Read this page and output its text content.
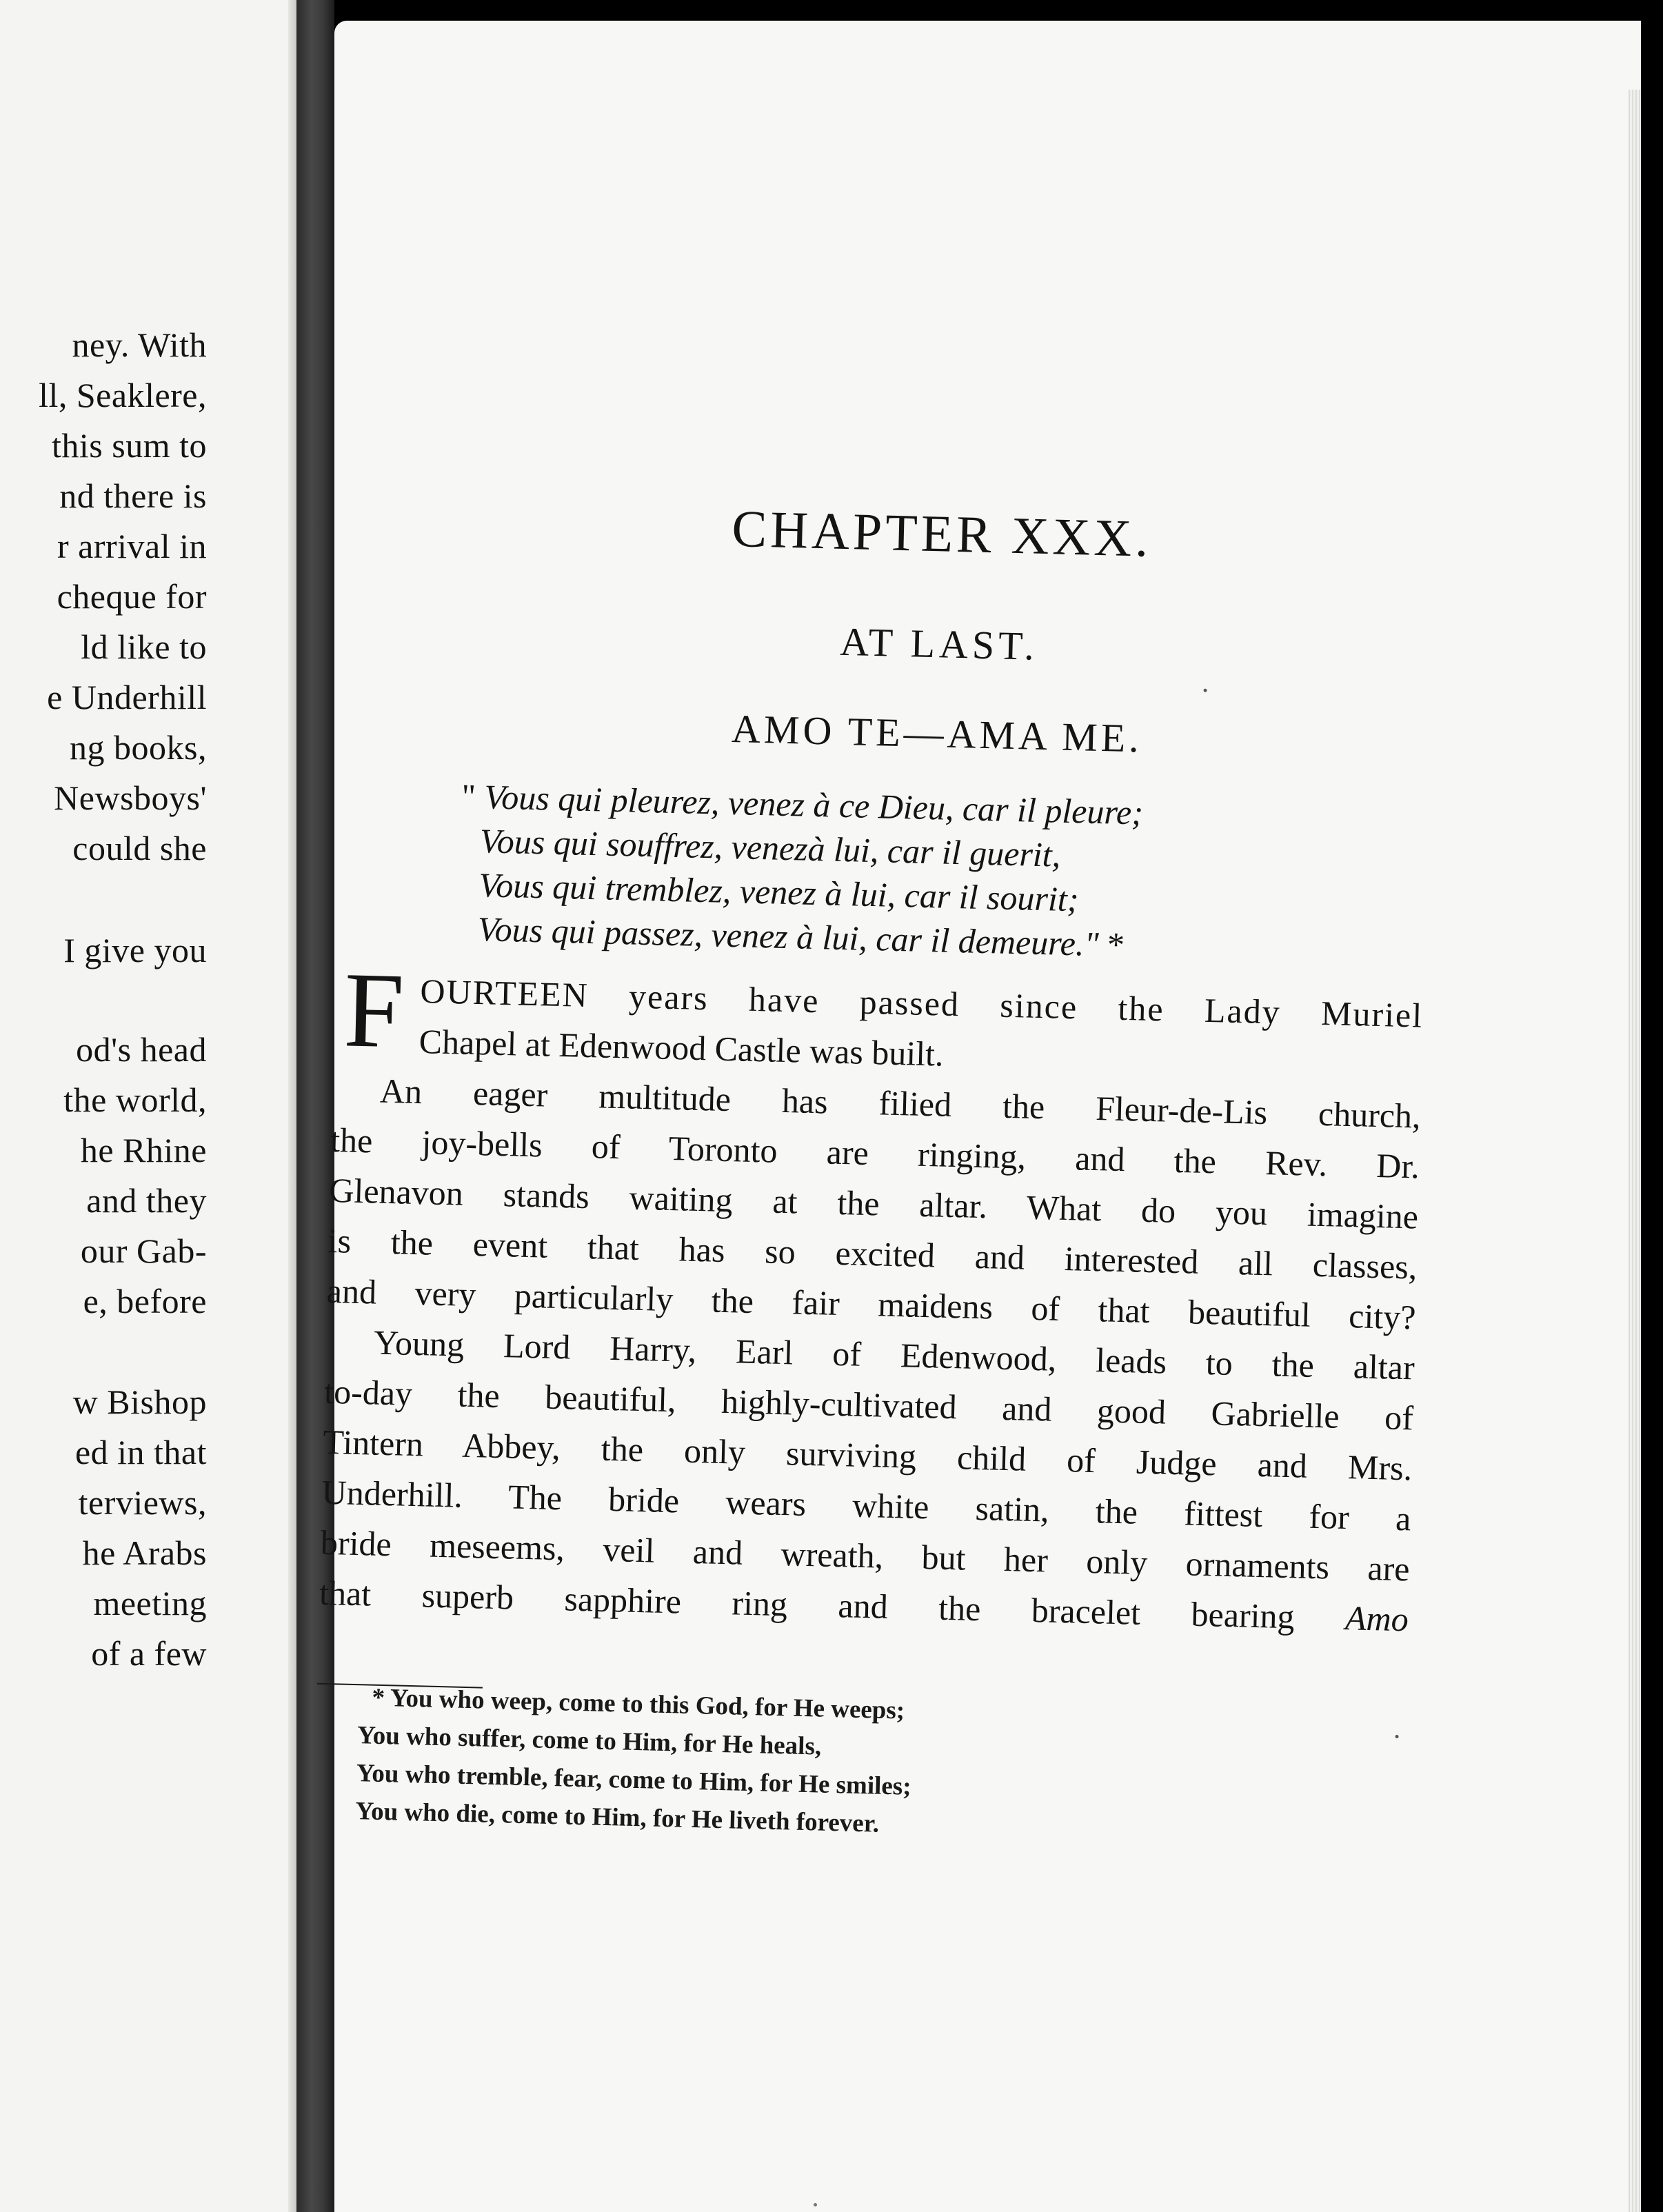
ney. With
ll, Seaklere,
this sum to
nd there is
r arrival in
cheque for
ld like to
e Underhill
ng books,
Newsboys'
could she
I give you
od's head
the world,
he Rhine
and they
our Gab-
e, before
w Bishop
ed in that
terviews,
he Arabs
meeting
of a few
CHAPTER XXX.
AT LAST.
AMO TE—AMA ME.
" Vous qui pleurez, venez à ce Dieu, car il pleure;
Vous qui souffrez, venezà lui, car il guerit,
Vous qui tremblez, venez à lui, car il sourit;
Vous qui passez, venez à lui, car il demeure." *
F OURTEEN years have passed since the Lady Muriel
Chapel at Edenwood Castle was built.
An eager multitude has filied the Fleur-de-Lis church,
the joy-bells of Toronto are ringing, and the Rev. Dr.
Glenavon stands waiting at the altar. What do you imagine
is the event that has so excited and interested all classes,
and very particularly the fair maidens of that beautiful city?
Young Lord Harry, Earl of Edenwood, leads to the altar
to-day the beautiful, highly-cultivated and good Gabrielle of
Tintern Abbey, the only surviving child of Judge and Mrs.
Underhill. The bride wears white satin, the fittest for a
bride meseems, veil and wreath, but her only ornaments are
that superb sapphire ring and the bracelet bearing Amo
* You who weep, come to this God, for He weeps;
You who suffer, come to Him, for He heals,
You who tremble, fear, come to Him, for He smiles;
You who die, come to Him, for He liveth forever.
